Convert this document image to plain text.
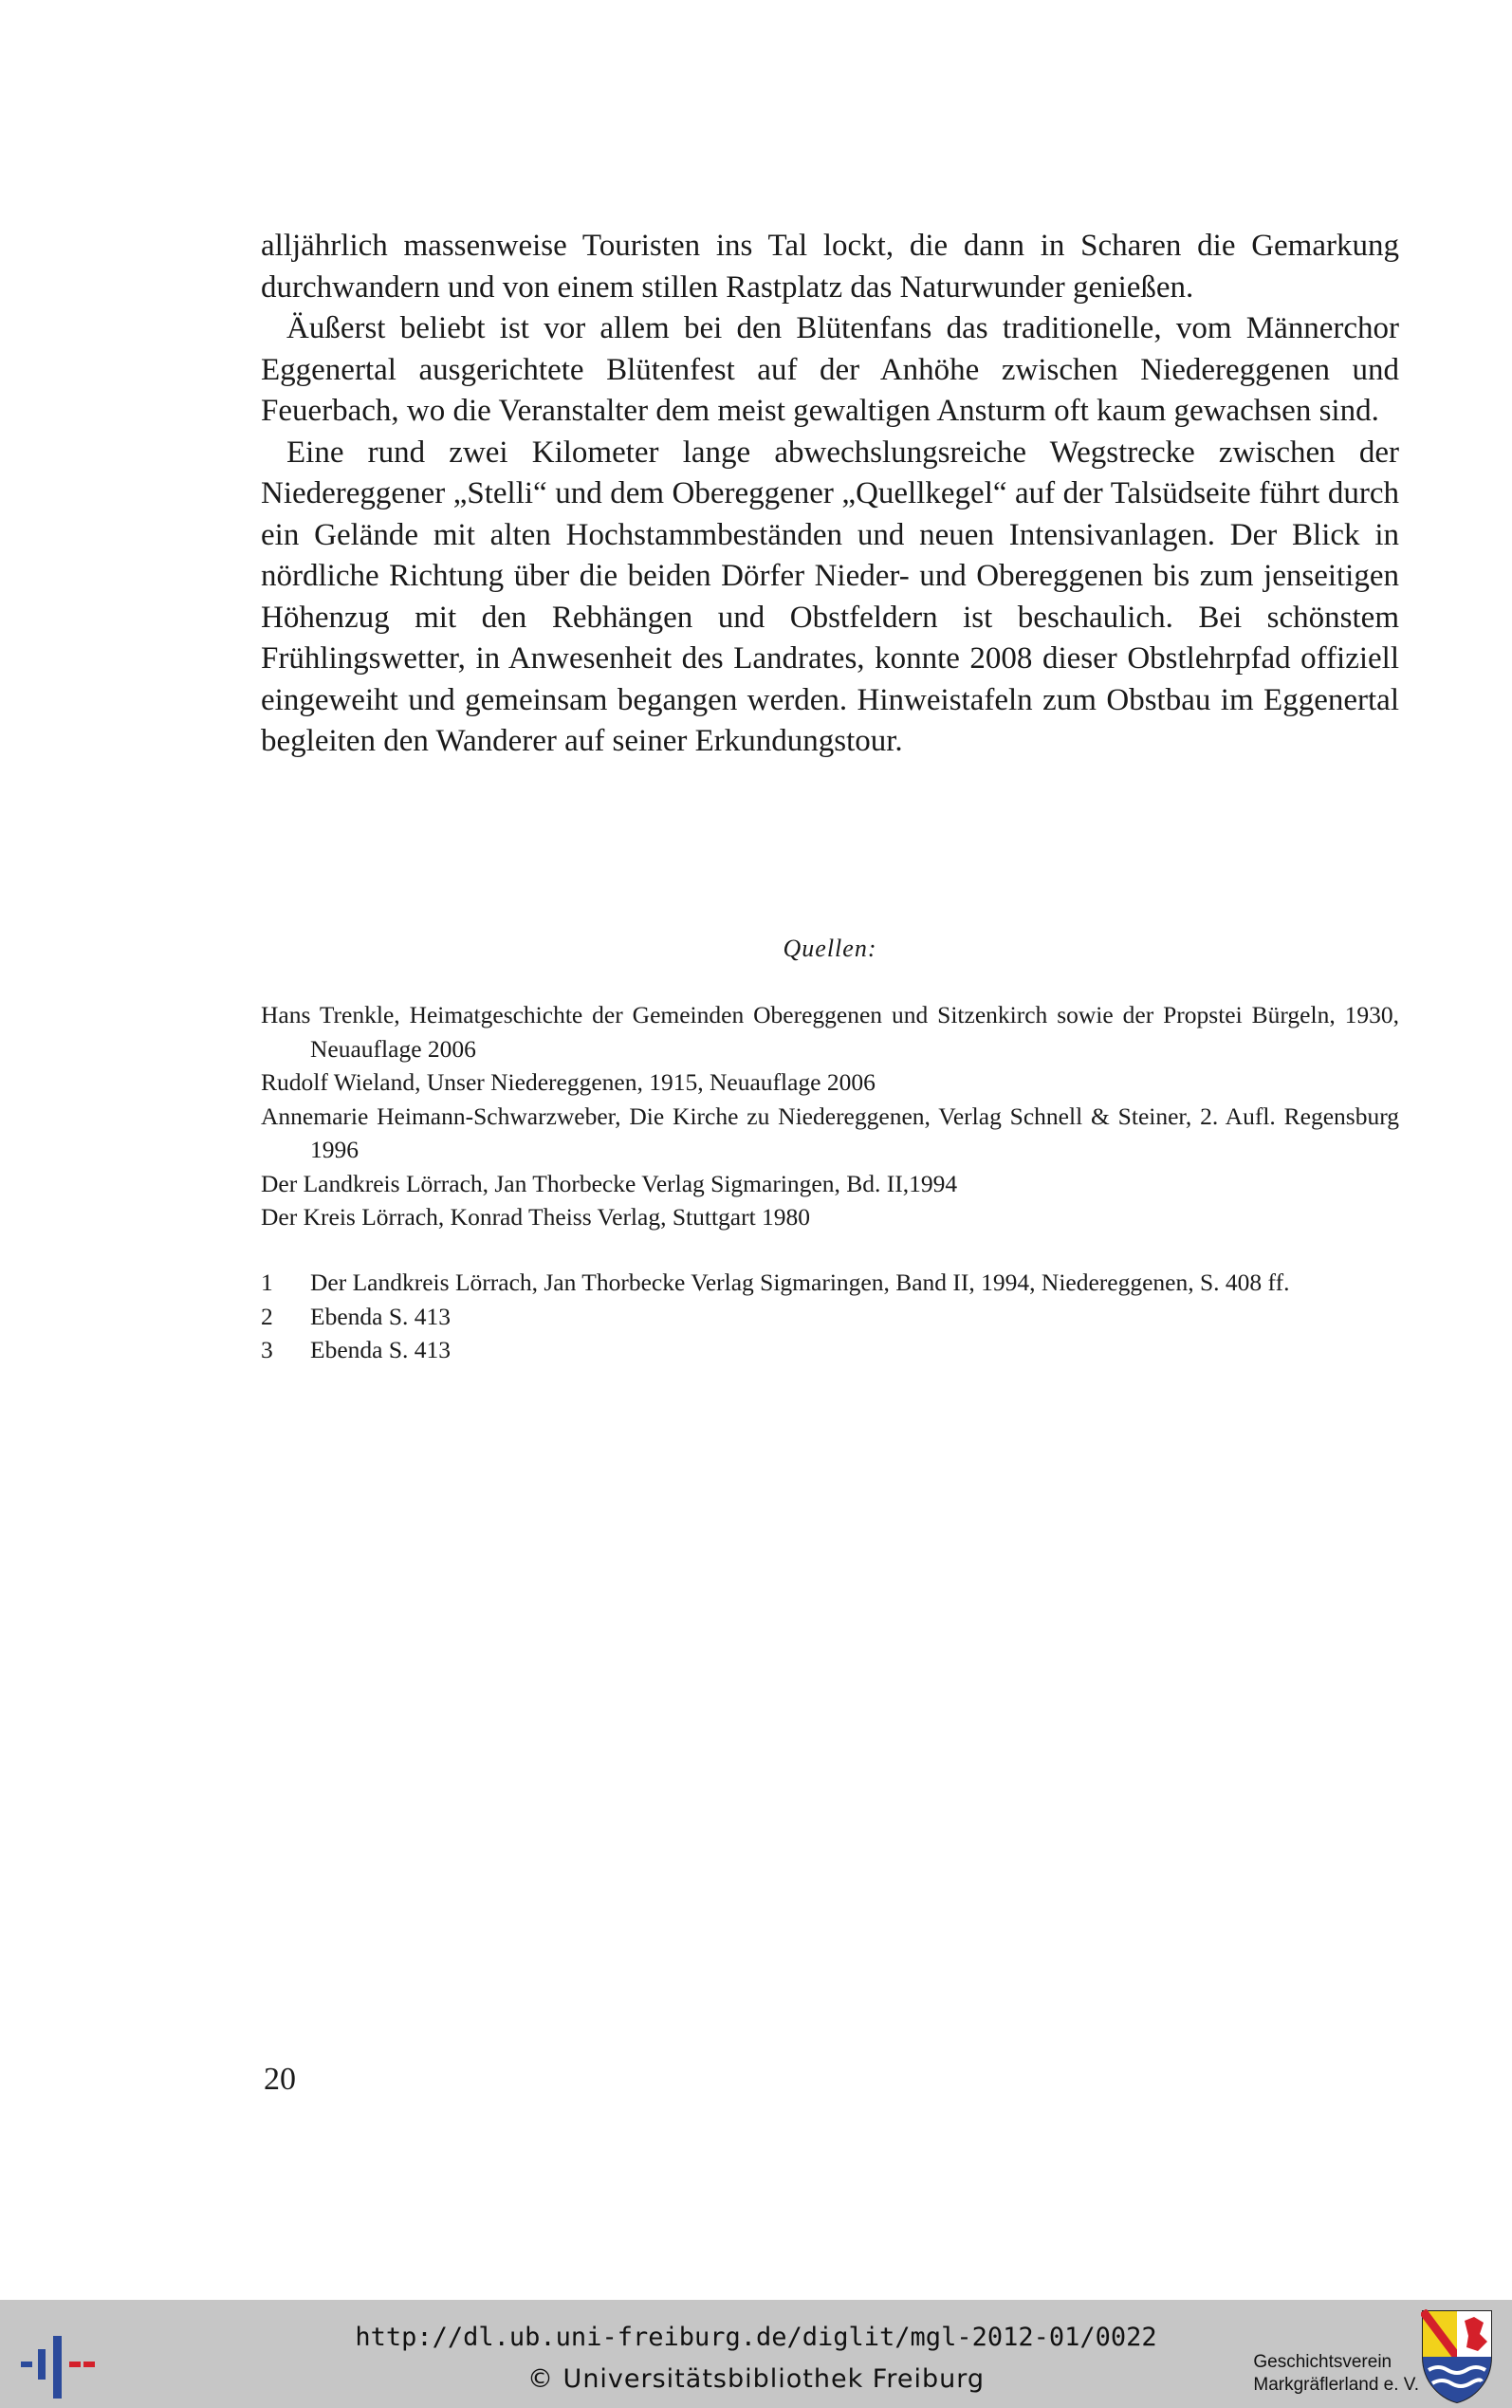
alljährlich massenweise Touristen ins Tal lockt, die dann in Scharen die Gemarkung durchwandern und von einem stillen Rastplatz das Naturwunder genießen.

Äußerst beliebt ist vor allem bei den Blütenfans das traditionelle, vom Männerchor Eggenertal ausgerichtete Blütenfest auf der Anhöhe zwischen Niedereggenen und Feuerbach, wo die Veranstalter dem meist gewaltigen Ansturm oft kaum gewachsen sind.

Eine rund zwei Kilometer lange abwechslungsreiche Wegstrecke zwischen der Niedereggener „Stelli“ und dem Obereggener „Quellkegel“ auf der Talsüdseite führt durch ein Gelände mit alten Hochstammbeständen und neuen Intensivanlagen. Der Blick in nördliche Richtung über die beiden Dörfer Nieder- und Obereggenen bis zum jenseitigen Höhenzug mit den Rebhängen und Obstfeldern ist beschaulich. Bei schönstem Frühlingswetter, in Anwesenheit des Landrates, konnte 2008 dieser Obstlehrpfad offiziell eingeweiht und gemeinsam begangen werden. Hinweistafeln zum Obstbau im Eggenertal begleiten den Wanderer auf seiner Erkundungstour.

Quellen:

Hans Trenkle, Heimatgeschichte der Gemeinden Obereggenen und Sitzenkirch sowie der Propstei Bürgeln, 1930, Neuauflage 2006
Rudolf Wieland, Unser Niedereggenen, 1915, Neuauflage 2006
Annemarie Heimann-Schwarzweber, Die Kirche zu Niedereggenen, Verlag Schnell & Steiner, 2. Aufl. Regensburg 1996
Der Landkreis Lörrach, Jan Thorbecke Verlag Sigmaringen, Bd. II,1994
Der Kreis Lörrach, Konrad Theiss Verlag, Stuttgart 1980
1	Der Landkreis Lörrach, Jan Thorbecke Verlag Sigmaringen, Band II, 1994, Niedereggenen, S. 408 ff.
2	Ebenda S. 413
3	Ebenda S. 413

20

http://dl.ub.uni-freiburg.de/diglit/mgl-2012-01/0022

© Universitätsbibliothek Freiburg

Geschichtsverein
Markgräflerland e. V.
